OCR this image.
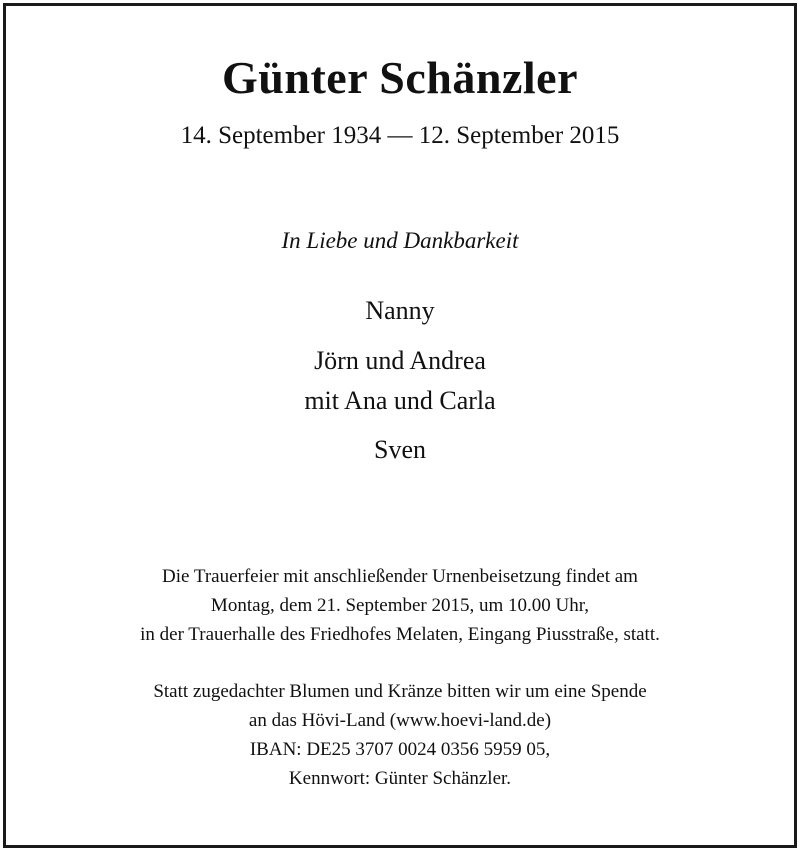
Günter Schänzler

14. September 1934 — 12. September 2015

In Liebe und Dankbarkeit

Nanny

Jörn und Andrea

mit Ana und Carla

Sven

Die Trauerfeier mit anschließender Urnenbeisetzung findet am

Montag, dem 21. September 2015, um 10.00 Uhr,

in der Trauerhalle des Friedhofes Melaten, Eingang Piusstraße, statt.

Statt zugedachter Blumen und Kränze bitten wir um eine Spende

an das Hövi-Land (www.hoevi-land.de)

IBAN: DE25 3707 0024 0356 5959 05,

Kennwort: Günter Schänzler.
